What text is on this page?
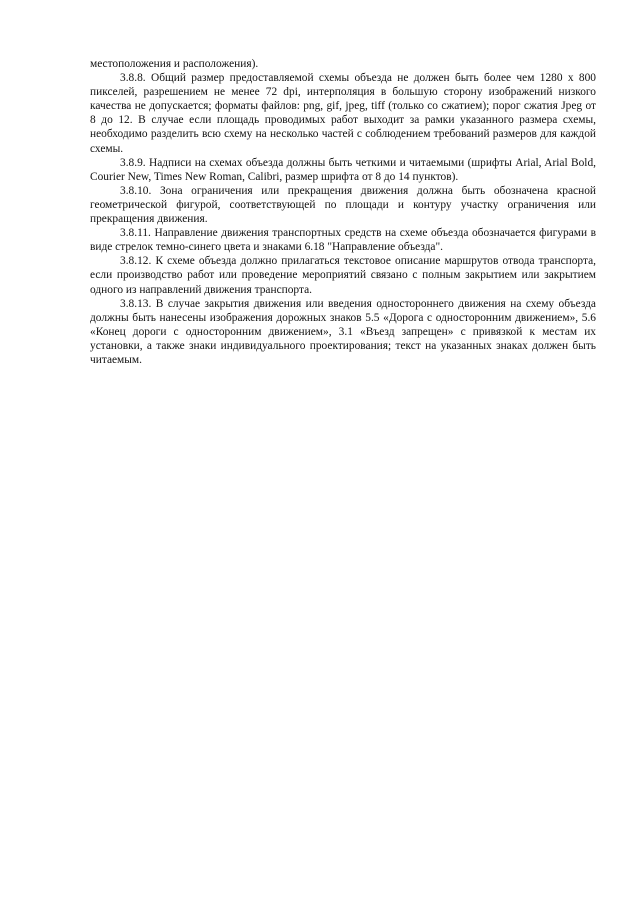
местоположения и расположения).

3.8.8. Общий размер предоставляемой схемы объезда не должен быть более чем 1280 х 800 пикселей, разрешением не менее 72 dpi, интерполяция в большую сторону изображений низкого качества не допускается; форматы файлов: png, gif, jpeg, tiff (только со сжатием); порог сжатия Jpeg от 8 до 12. В случае если площадь проводимых работ выходит за рамки указанного размера схемы, необходимо разделить всю схему на несколько частей с соблюдением требований размеров для каждой схемы.

3.8.9. Надписи на схемах объезда должны быть четкими и читаемыми (шрифты Arial, Arial Bold, Courier New, Times New Roman, Calibri, размер шрифта от 8 до 14 пунктов).

3.8.10. Зона ограничения или прекращения движения должна быть обозначена красной геометрической фигурой, соответствующей по площади и контуру участку ограничения или прекращения движения.

3.8.11. Направление движения транспортных средств на схеме объезда обозначается фигурами в виде стрелок темно-синего цвета и знаками 6.18 "Направление объезда".

3.8.12. К схеме объезда должно прилагаться текстовое описание маршрутов отвода транспорта, если производство работ или проведение мероприятий связано с полным закрытием или закрытием одного из направлений движения транспорта.

3.8.13. В случае закрытия движения или введения одностороннего движения на схему объезда должны быть нанесены изображения дорожных знаков 5.5 «Дорога с односторонним движением», 5.6 «Конец дороги с односторонним движением», 3.1 «Въезд запрещен» с привязкой к местам их установки, а также знаки индивидуального проектирования; текст на указанных знаках должен быть читаемым.
